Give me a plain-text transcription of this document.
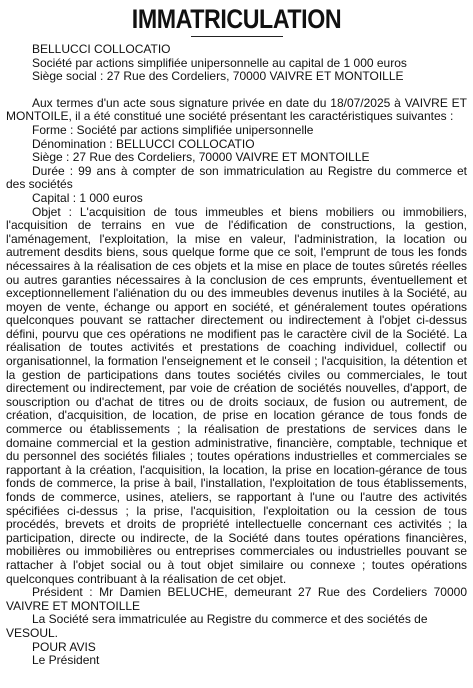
IMMATRICULATION

BELLUCCI COLLOCATIO

Société par actions simplifiée unipersonnelle au capital de 1 000 euros

Siège social : 27 Rue des Cordeliers, 70000 VAIVRE ET MONTOILLE

Aux termes d'un acte sous signature privée en date du 18/07/2025 à VAIVRE ET MONTOILE, il a été constitué une société présentant les caractéristiques suivantes :

Forme : Société par actions simplifiée unipersonnelle

Dénomination : BELLUCCI COLLOCATIO

Siège : 27 Rue des Cordeliers, 70000 VAIVRE ET MONTOILLE

Durée : 99 ans à compter de son immatriculation au Registre du commerce et des sociétés

Capital : 1 000 euros

Objet : L'acquisition de tous immeubles et biens mobiliers ou immobiliers, l'acquisition de terrains en vue de l'édification de constructions, la gestion, l'aménagement, l'exploitation, la mise en valeur, l'administration, la location ou autrement desdits biens, sous quelque forme que ce soit, l'emprunt de tous les fonds nécessaires à la réalisation de ces objets et la mise en place de toutes sûretés réelles ou autres garanties nécessaires à la conclusion de ces emprunts, éventuellement et exceptionnellement l'aliénation du ou des immeubles devenus inutiles à la Société, au moyen de vente, échange ou apport en société, et généralement toutes opérations quelconques pouvant se rattacher directement ou indirectement à l'objet ci-dessus défini, pourvu que ces opérations ne modifient pas le caractère civil de la Société. La réalisation de toutes activités et prestations de coaching individuel, collectif ou organisationnel, la formation l'enseignement et le conseil ; l'acquisition, la détention et la gestion de participations dans toutes sociétés civiles ou commerciales, le tout directement ou indirectement, par voie de création de sociétés nouvelles, d'apport, de souscription ou d'achat de titres ou de droits sociaux, de fusion ou autrement, de création, d'acquisition, de location, de prise en location gérance de tous fonds de commerce ou établissements ; la réalisation de prestations de services dans le domaine commercial et la gestion administrative, financière, comptable, technique et du personnel des sociétés filiales ; toutes opérations industrielles et commerciales se rapportant à la création, l'acquisition, la location, la prise en location-gérance de tous fonds de commerce, la prise à bail, l'installation, l'exploitation de tous établissements, fonds de commerce, usines, ateliers, se rapportant à l'une ou l'autre des activités spécifiées ci-dessus ; la prise, l'acquisition, l'exploitation ou la cession de tous procédés, brevets et droits de propriété intellectuelle concernant ces activités ; la participation, directe ou indirecte, de la Société dans toutes opérations financières, mobilières ou immobilières ou entreprises commerciales ou industrielles pouvant se rattacher à l'objet social ou à tout objet similaire ou connexe ; toutes opérations quelconques contribuant à la réalisation de cet objet.

Président : Mr Damien BELUCHE, demeurant 27 Rue des Cordeliers 70000 VAIVRE ET MONTOILLE

La Société sera immatriculée au Registre du commerce et des sociétés de VESOUL.

POUR AVIS

Le Président
